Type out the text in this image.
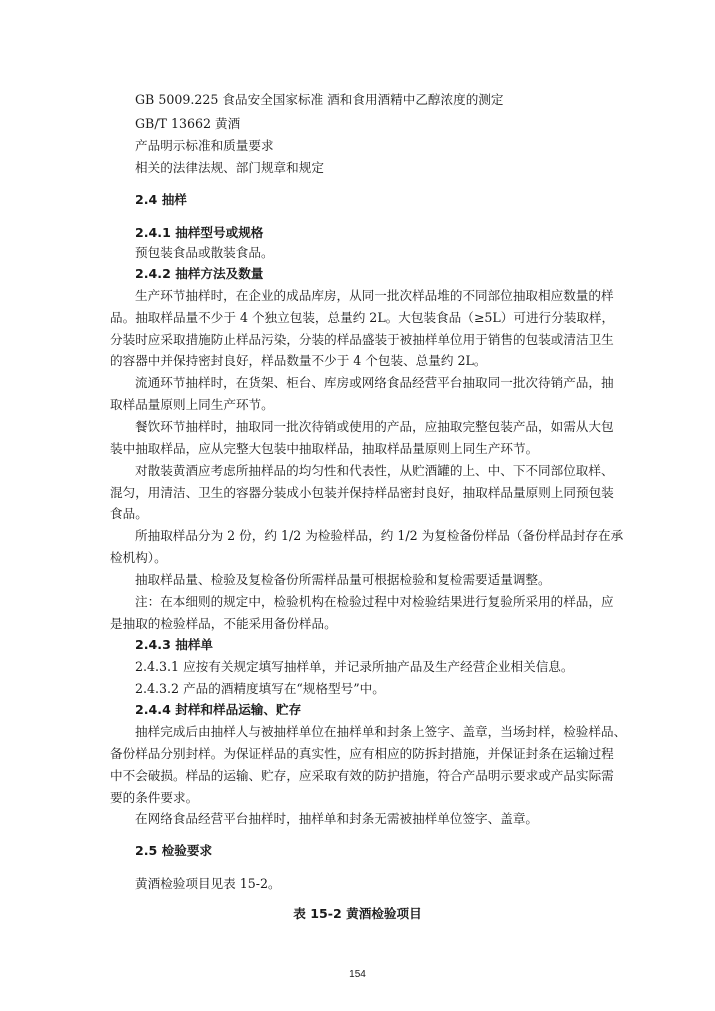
GB 5009.225 食品安全国家标准 酒和食用酒精中乙醇浓度的测定
GB/T 13662 黄酒
产品明示标准和质量要求
相关的法律法规、部门规章和规定
2.4 抽样
2.4.1 抽样型号或规格
预包装食品或散装食品。
2.4.2 抽样方法及数量
生产环节抽样时，在企业的成品库房，从同一批次样品堆的不同部位抽取相应数量的样
品。抽取样品量不少于 4 个独立包装，总量约 2L。大包装食品（≥5L）可进行分装取样，
分装时应采取措施防止样品污染，分装的样品盛装于被抽样单位用于销售的包装或清洁卫生
的容器中并保持密封良好，样品数量不少于 4 个包装、总量约 2L。
流通环节抽样时，在货架、柜台、库房或网络食品经营平台抽取同一批次待销产品，抽
取样品量原则上同生产环节。
餐饮环节抽样时，抽取同一批次待销或使用的产品，应抽取完整包装产品，如需从大包
装中抽取样品，应从完整大包装中抽取样品，抽取样品量原则上同生产环节。
对散装黄酒应考虑所抽样品的均匀性和代表性，从贮酒罐的上、中、下不同部位取样、
混匀，用清洁、卫生的容器分装成小包装并保持样品密封良好，抽取样品量原则上同预包装
食品。
所抽取样品分为 2 份，约 1/2 为检验样品，约 1/2 为复检备份样品（备份样品封存在承
检机构）。
抽取样品量、检验及复检备份所需样品量可根据检验和复检需要适量调整。
注：在本细则的规定中，检验机构在检验过程中对检验结果进行复验所采用的样品，应
是抽取的检验样品，不能采用备份样品。
2.4.3 抽样单
2.4.3.1 应按有关规定填写抽样单，并记录所抽产品及生产经营企业相关信息。
2.4.3.2 产品的酒精度填写在“规格型号”中。
2.4.4 封样和样品运输、贮存
抽样完成后由抽样人与被抽样单位在抽样单和封条上签字、盖章，当场封样，检验样品、
备份样品分别封样。为保证样品的真实性，应有相应的防拆封措施，并保证封条在运输过程
中不会破损。样品的运输、贮存，应采取有效的防护措施，符合产品明示要求或产品实际需
要的条件要求。
在网络食品经营平台抽样时，抽样单和封条无需被抽样单位签字、盖章。
2.5 检验要求
黄酒检验项目见表 15-2。
表 15-2 黄酒检验项目
154
